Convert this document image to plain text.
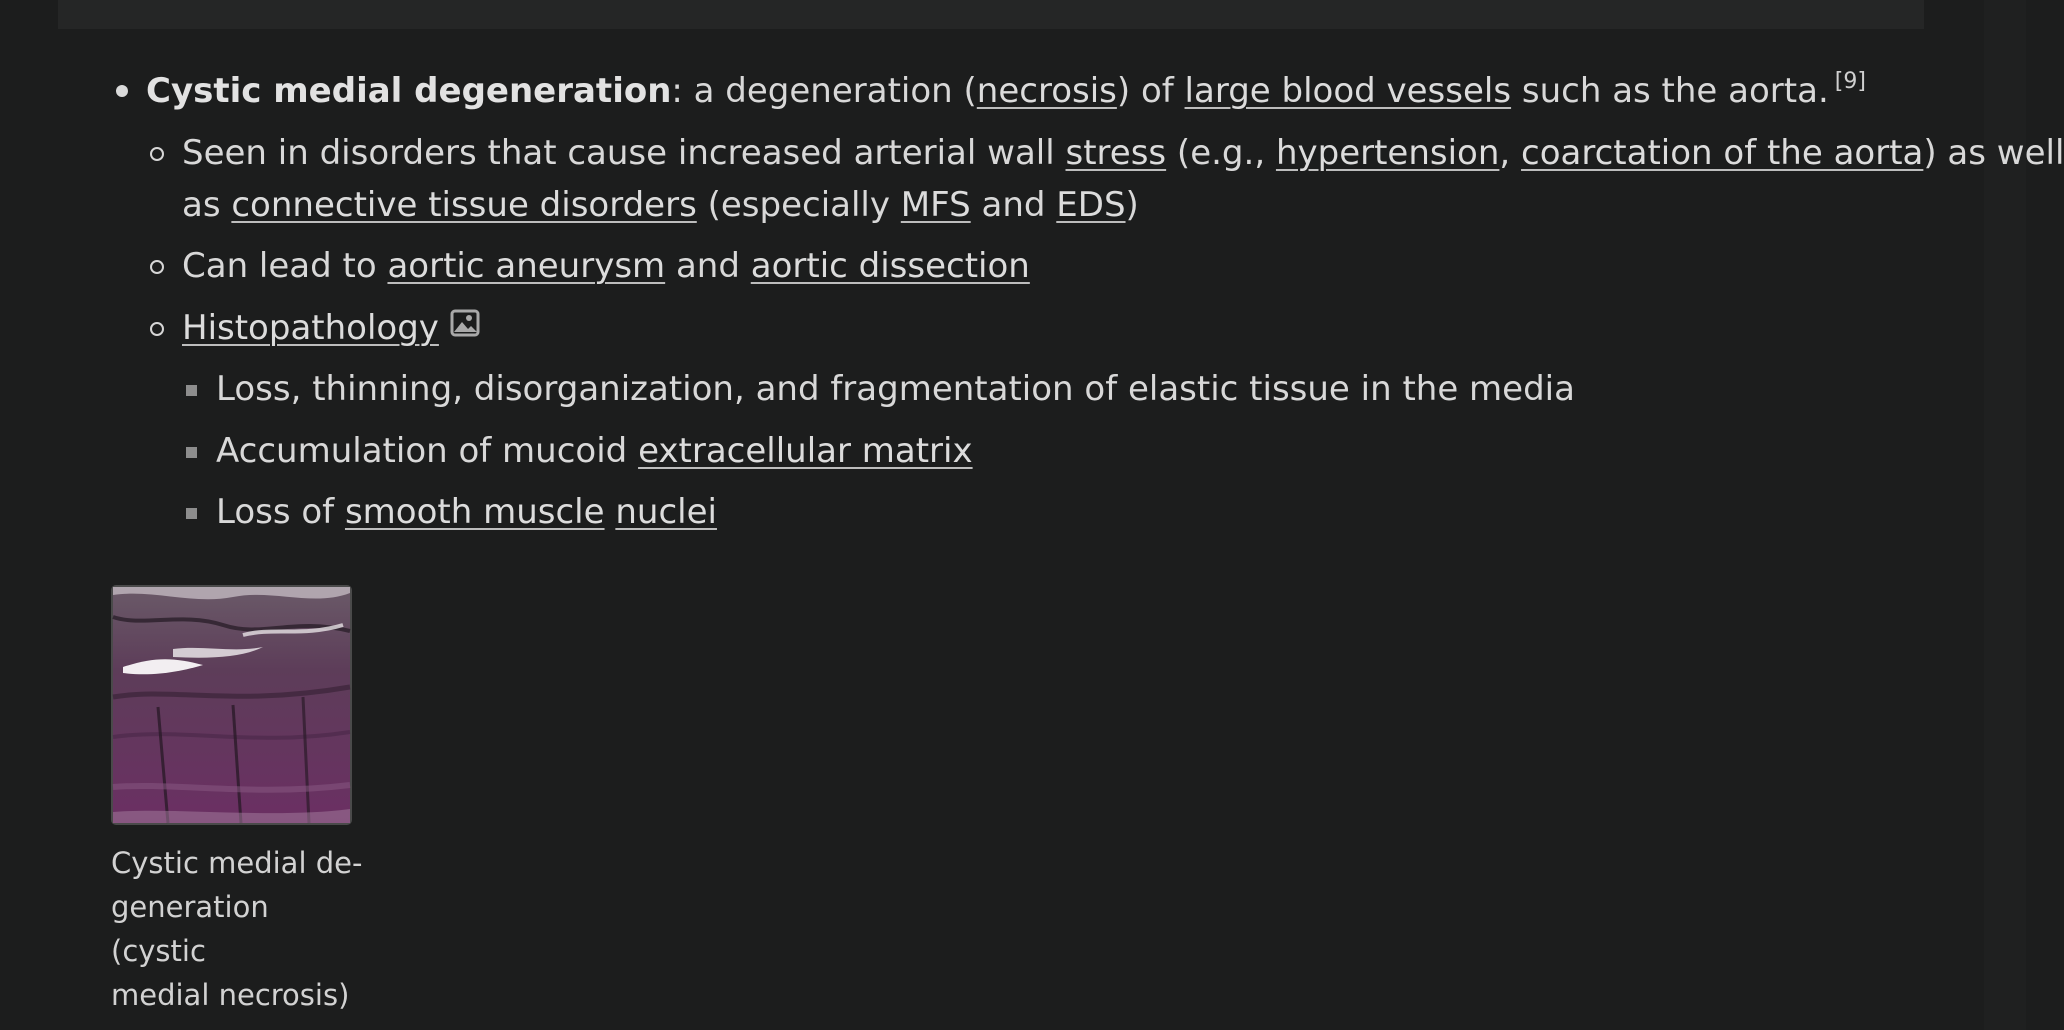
Cystic medial degeneration: a degeneration (necrosis) of large blood vessels such as the aorta. [9]
Seen in disorders that cause increased arterial wall stress (e.g., hypertension, coarctation of the aorta) as well
as connective tissue disorders (especially MFS and EDS)
Can lead to aortic aneurysm and aortic dissection
Histopathology
Loss, thinning, disorganization, and fragmentation of elastic tissue in the media
Accumulation of mucoid extracellular matrix
Loss of smooth muscle nuclei
Cystic medial de-
generation (cystic
medial necrosis)
